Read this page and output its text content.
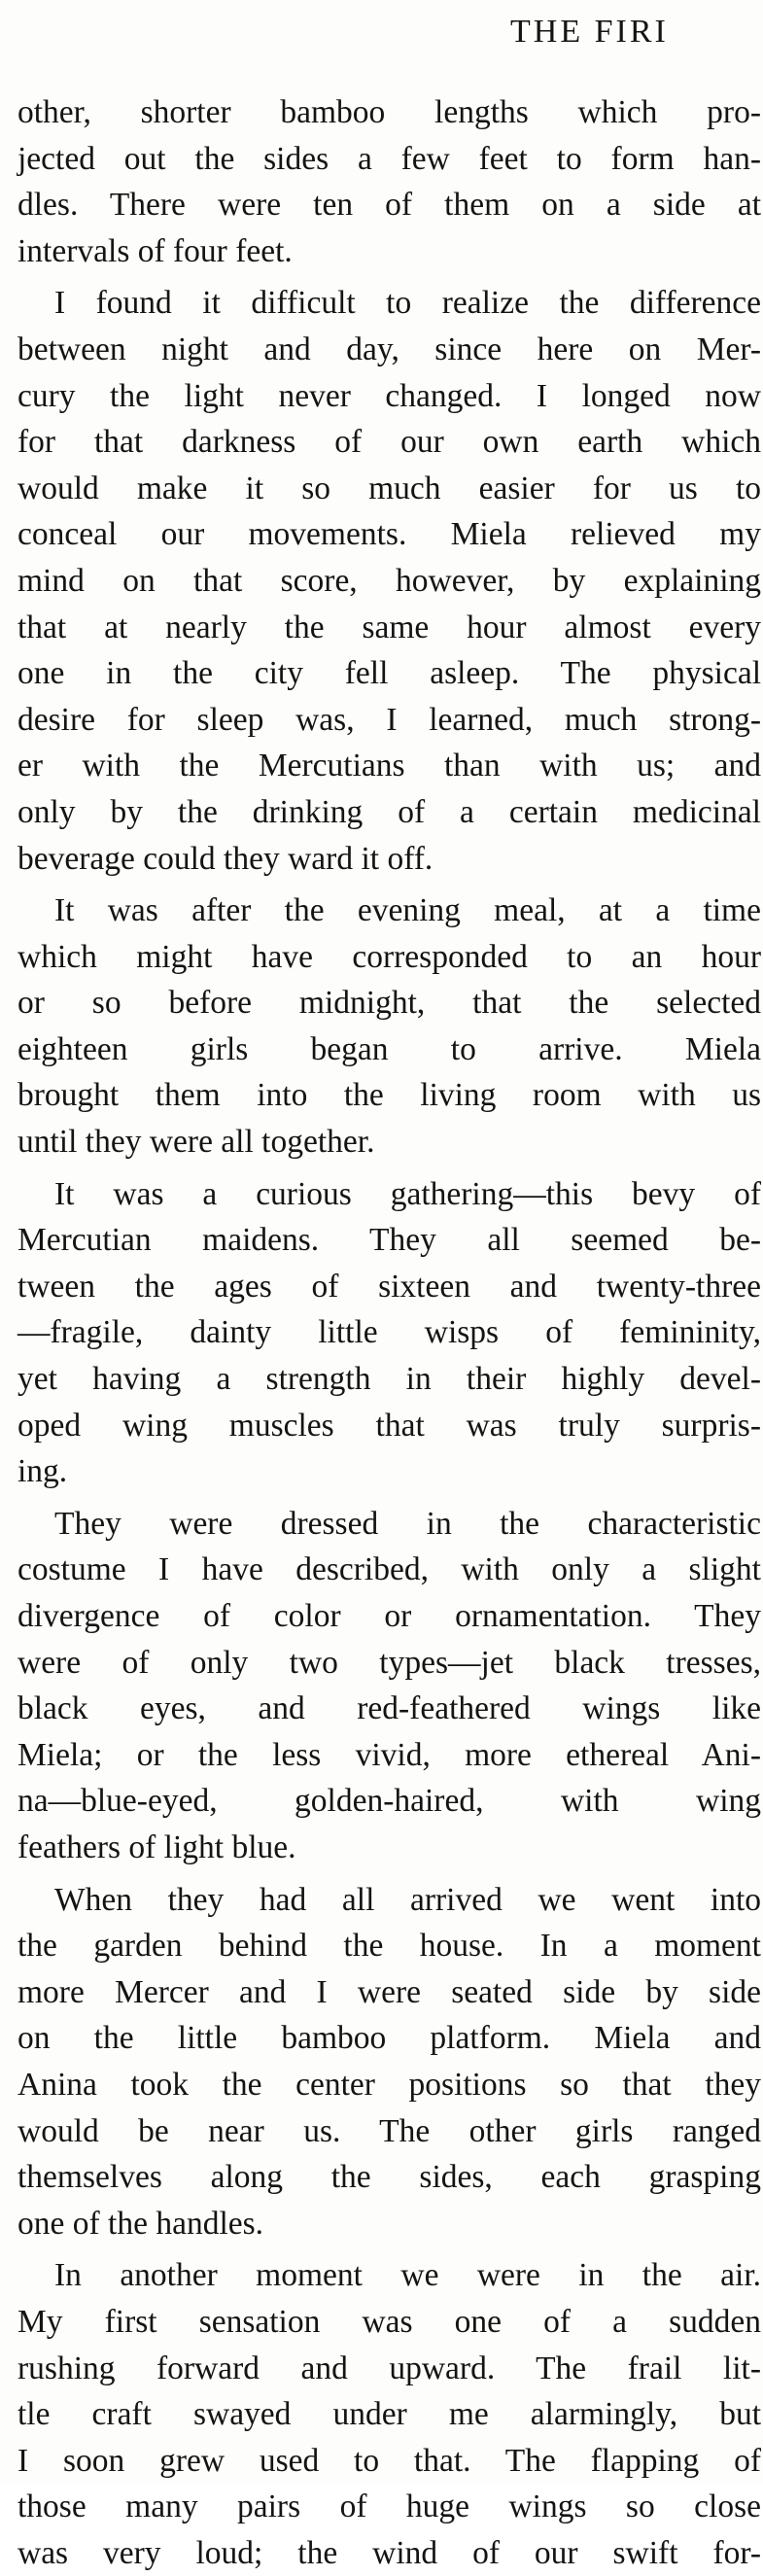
THE FIRI
other, shorter bamboo lengths which pro-
jected out the sides a few feet to form han-
dles. There were ten of them on a side at
intervals of four feet.
I found it difficult to realize the difference
between night and day, since here on Mer-
cury the light never changed. I longed now
for that darkness of our own earth which
would make it so much easier for us to
conceal our movements. Miela relieved my
mind on that score, however, by explaining
that at nearly the same hour almost every
one in the city fell asleep. The physical
desire for sleep was, I learned, much strong-
er with the Mercutians than with us; and
only by the drinking of a certain medicinal
beverage could they ward it off.
It was after the evening meal, at a time
which might have corresponded to an hour
or so before midnight, that the selected
eighteen girls began to arrive. Miela
brought them into the living room with us
until they were all together.
It was a curious gathering—this bevy of
Mercutian maidens. They all seemed be-
tween the ages of sixteen and twenty-three
—fragile, dainty little wisps of femininity,
yet having a strength in their highly devel-
oped wing muscles that was truly surpris-
ing.
They were dressed in the characteristic
costume I have described, with only a slight
divergence of color or ornamentation. They
were of only two types—jet black tresses,
black eyes, and red-feathered wings like
Miela; or the less vivid, more ethereal Ani-
na—blue-eyed, golden-haired, with wing
feathers of light blue.
When they had all arrived we went into
the garden behind the house. In a moment
more Mercer and I were seated side by side
on the little bamboo platform. Miela and
Anina took the center positions so that they
would be near us. The other girls ranged
themselves along the sides, each grasping
one of the handles.
In another moment we were in the air.
My first sensation was one of a sudden
rushing forward and upward. The frail lit-
tle craft swayed under me alarmingly, but
I soon grew used to that. The flapping of
those many pairs of huge wings so close
was very loud; the wind of our swift for-
